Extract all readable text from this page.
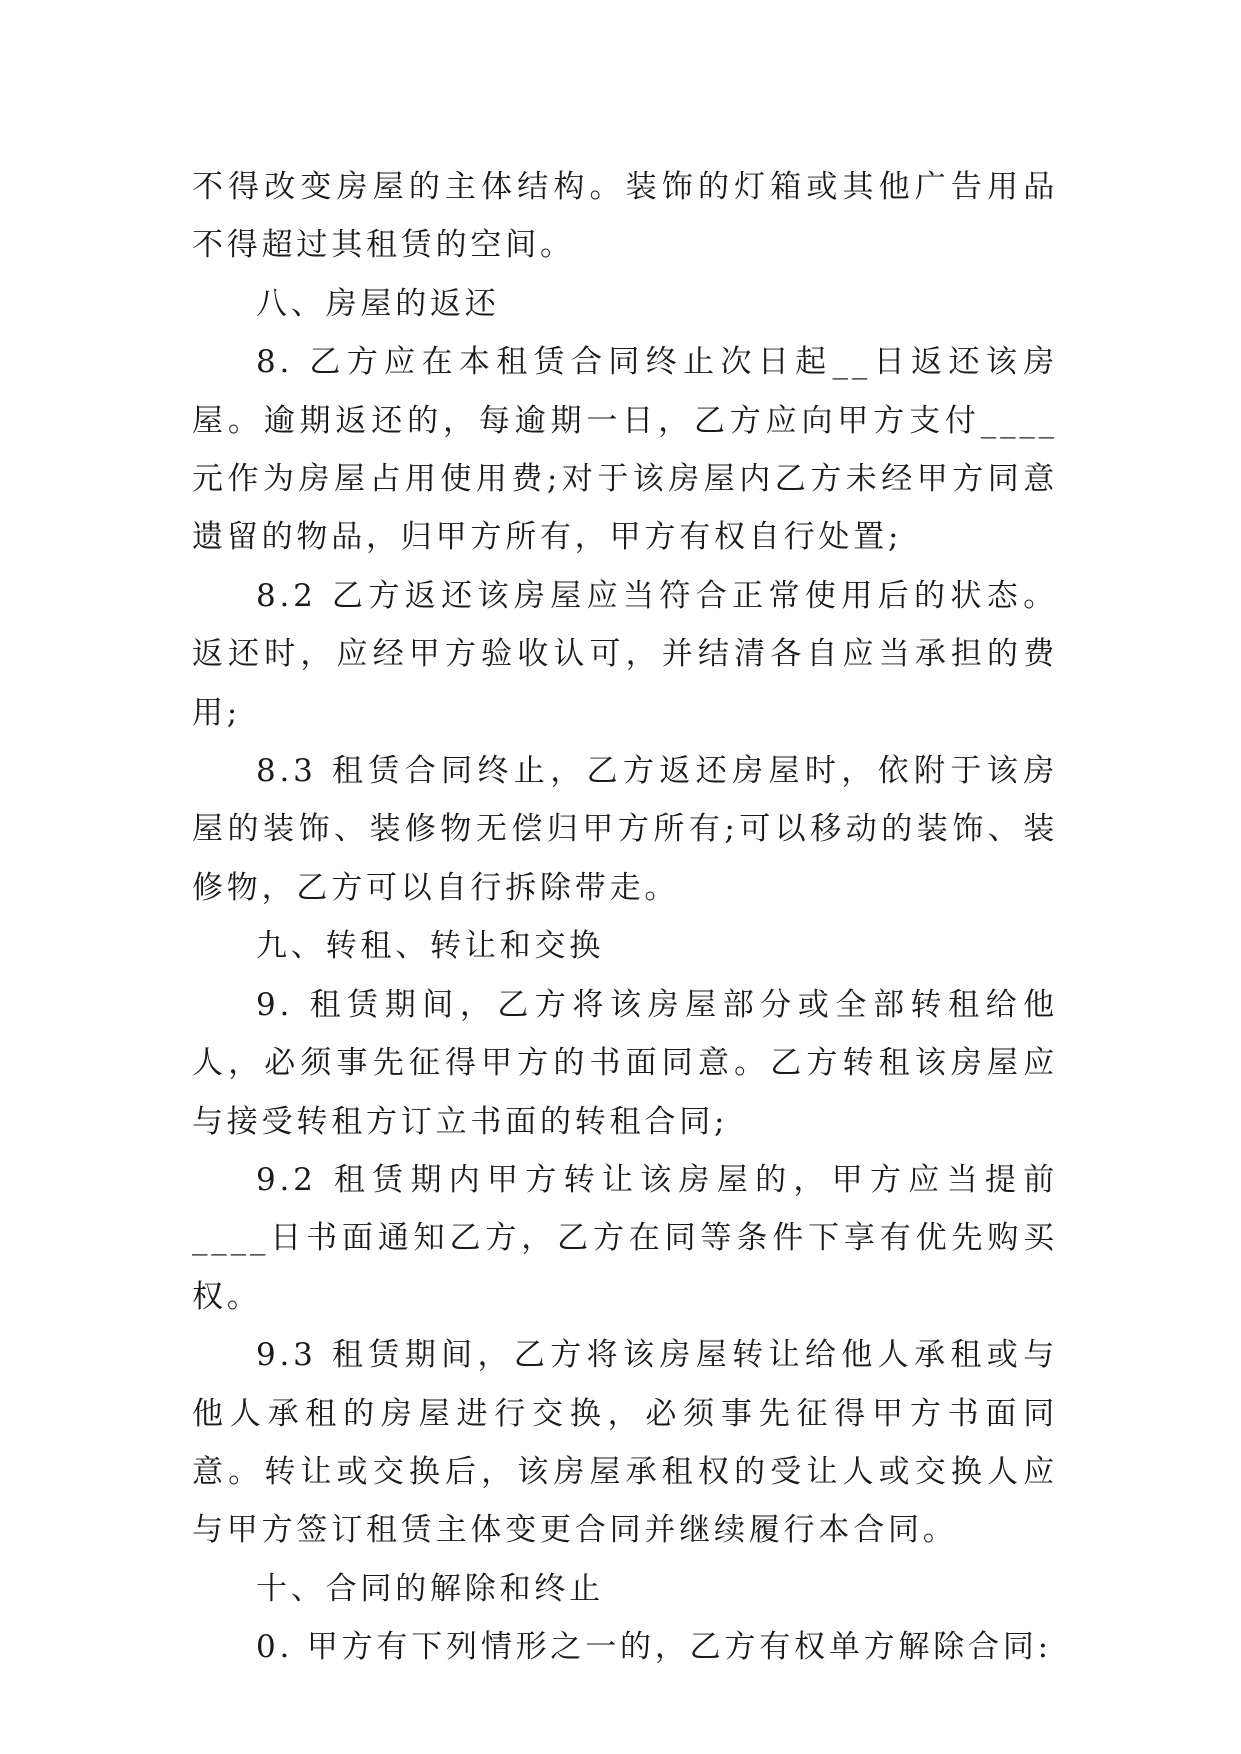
不得改变房屋的主体结构。装饰的灯箱或其他广告用品不得超过其租赁的空间。

八、房屋的返还

8. 乙方应在本租赁合同终止次日起__日返还该房屋。逾期返还的，每逾期一日，乙方应向甲方支付____元作为房屋占用使用费;对于该房屋内乙方未经甲方同意遗留的物品，归甲方所有，甲方有权自行处置;

8.2 乙方返还该房屋应当符合正常使用后的状态。返还时，应经甲方验收认可，并结清各自应当承担的费用;

8.3 租赁合同终止，乙方返还房屋时，依附于该房屋的装饰、装修物无偿归甲方所有;可以移动的装饰、装修物，乙方可以自行拆除带走。

九、转租、转让和交换

9. 租赁期间，乙方将该房屋部分或全部转租给他人，必须事先征得甲方的书面同意。乙方转租该房屋应与接受转租方订立书面的转租合同;

9.2 租赁期内甲方转让该房屋的，甲方应当提前____日书面通知乙方，乙方在同等条件下享有优先购买权。

9.3 租赁期间，乙方将该房屋转让给他人承租或与他人承租的房屋进行交换，必须事先征得甲方书面同意。转让或交换后，该房屋承租权的受让人或交换人应与甲方签订租赁主体变更合同并继续履行本合同。

十、合同的解除和终止

0. 甲方有下列情形之一的，乙方有权单方解除合同:
